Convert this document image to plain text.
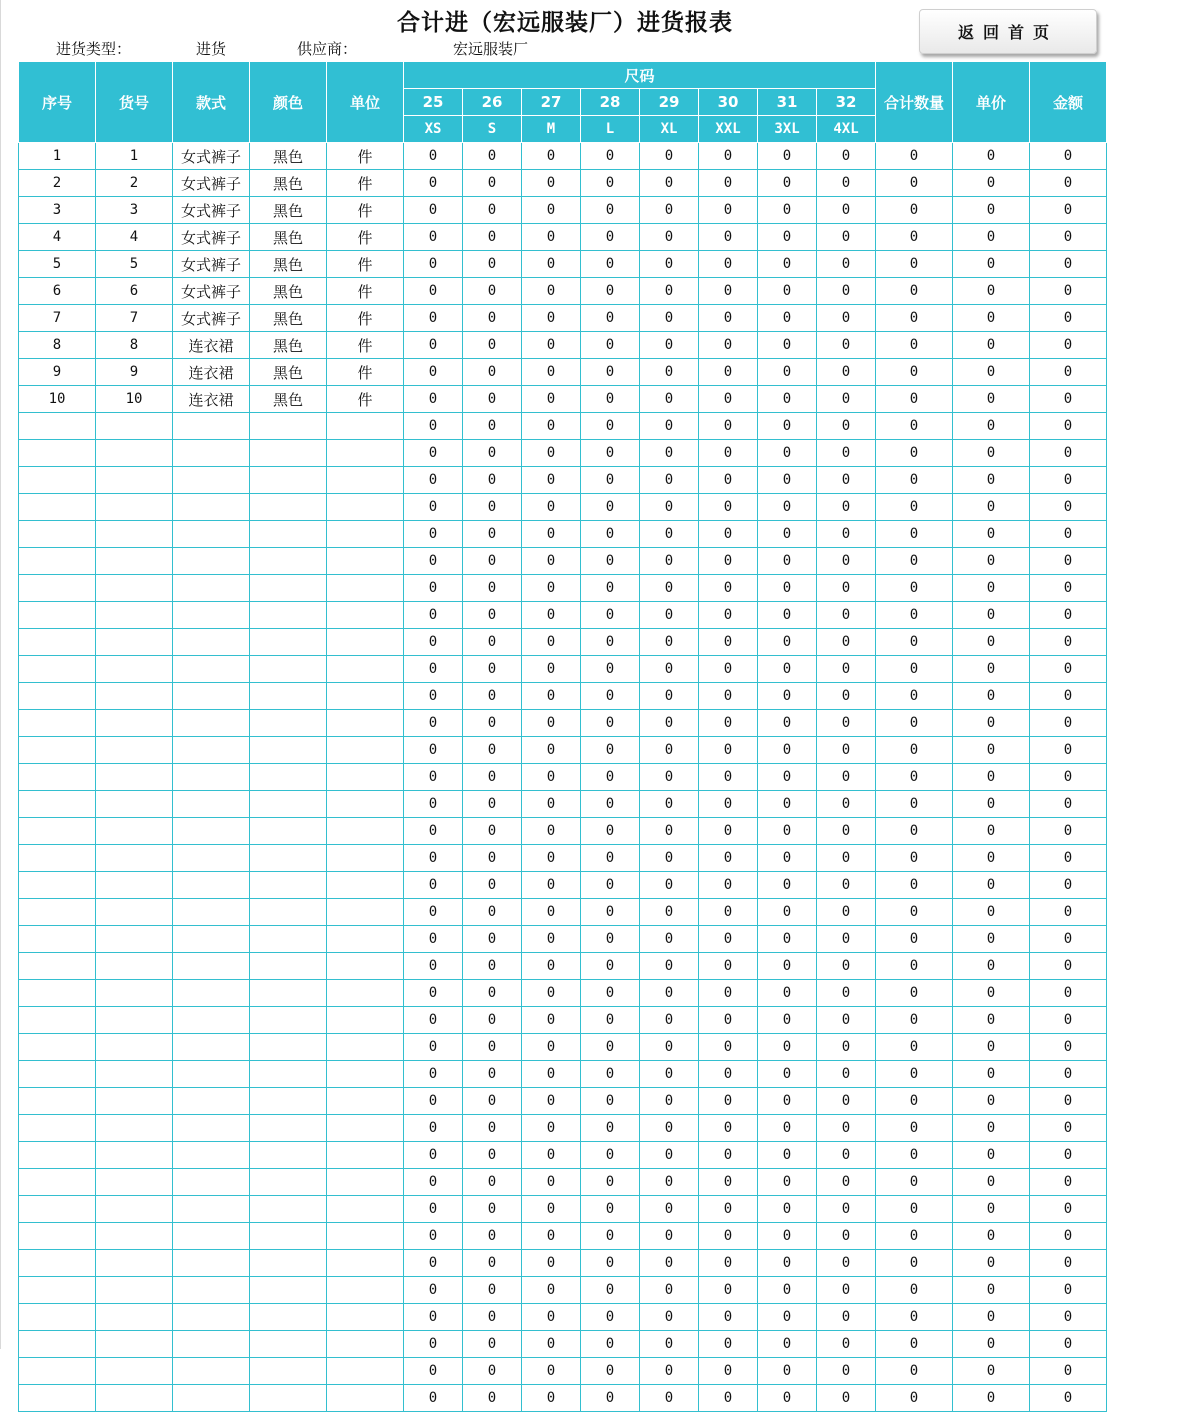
合计进（宏远服装厂）进货报表
进货类型：	进货	供应商：	宏远服装厂
返回首页
序号	货号	款式	颜色	单位	尺码								合计数量	单价	金额
					25	26	27	28	29	30	31	32			
					XS	S	M	L	XL	XXL	3XL	4XL			
1	1	女式裤子	黑色	件	0	0	0	0	0	0	0	0	0	0	0
2	2	女式裤子	黑色	件	0	0	0	0	0	0	0	0	0	0	0
3	3	女式裤子	黑色	件	0	0	0	0	0	0	0	0	0	0	0
4	4	女式裤子	黑色	件	0	0	0	0	0	0	0	0	0	0	0
5	5	女式裤子	黑色	件	0	0	0	0	0	0	0	0	0	0	0
6	6	女式裤子	黑色	件	0	0	0	0	0	0	0	0	0	0	0
7	7	女式裤子	黑色	件	0	0	0	0	0	0	0	0	0	0	0
8	8	连衣裙	黑色	件	0	0	0	0	0	0	0	0	0	0	0
9	9	连衣裙	黑色	件	0	0	0	0	0	0	0	0	0	0	0
10	10	连衣裙	黑色	件	0	0	0	0	0	0	0	0	0	0	0
					0	0	0	0	0	0	0	0	0	0	0
					0	0	0	0	0	0	0	0	0	0	0
					0	0	0	0	0	0	0	0	0	0	0
					0	0	0	0	0	0	0	0	0	0	0
					0	0	0	0	0	0	0	0	0	0	0
					0	0	0	0	0	0	0	0	0	0	0
					0	0	0	0	0	0	0	0	0	0	0
					0	0	0	0	0	0	0	0	0	0	0
					0	0	0	0	0	0	0	0	0	0	0
					0	0	0	0	0	0	0	0	0	0	0
					0	0	0	0	0	0	0	0	0	0	0
					0	0	0	0	0	0	0	0	0	0	0
					0	0	0	0	0	0	0	0	0	0	0
					0	0	0	0	0	0	0	0	0	0	0
					0	0	0	0	0	0	0	0	0	0	0
					0	0	0	0	0	0	0	0	0	0	0
					0	0	0	0	0	0	0	0	0	0	0
					0	0	0	0	0	0	0	0	0	0	0
					0	0	0	0	0	0	0	0	0	0	0
					0	0	0	0	0	0	0	0	0	0	0
					0	0	0	0	0	0	0	0	0	0	0
					0	0	0	0	0	0	0	0	0	0	0
					0	0	0	0	0	0	0	0	0	0	0
					0	0	0	0	0	0	0	0	0	0	0
					0	0	0	0	0	0	0	0	0	0	0
					0	0	0	0	0	0	0	0	0	0	0
					0	0	0	0	0	0	0	0	0	0	0
					0	0	0	0	0	0	0	0	0	0	0
					0	0	0	0	0	0	0	0	0	0	0
					0	0	0	0	0	0	0	0	0	0	0
					0	0	0	0	0	0	0	0	0	0	0
					0	0	0	0	0	0	0	0	0	0	0
					0	0	0	0	0	0	0	0	0	0	0
					0	0	0	0	0	0	0	0	0	0	0
					0	0	0	0	0	0	0	0	0	0	0
					0	0	0	0	0	0	0	0	0	0	0
					0	0	0	0	0	0	0	0	0	0	0
